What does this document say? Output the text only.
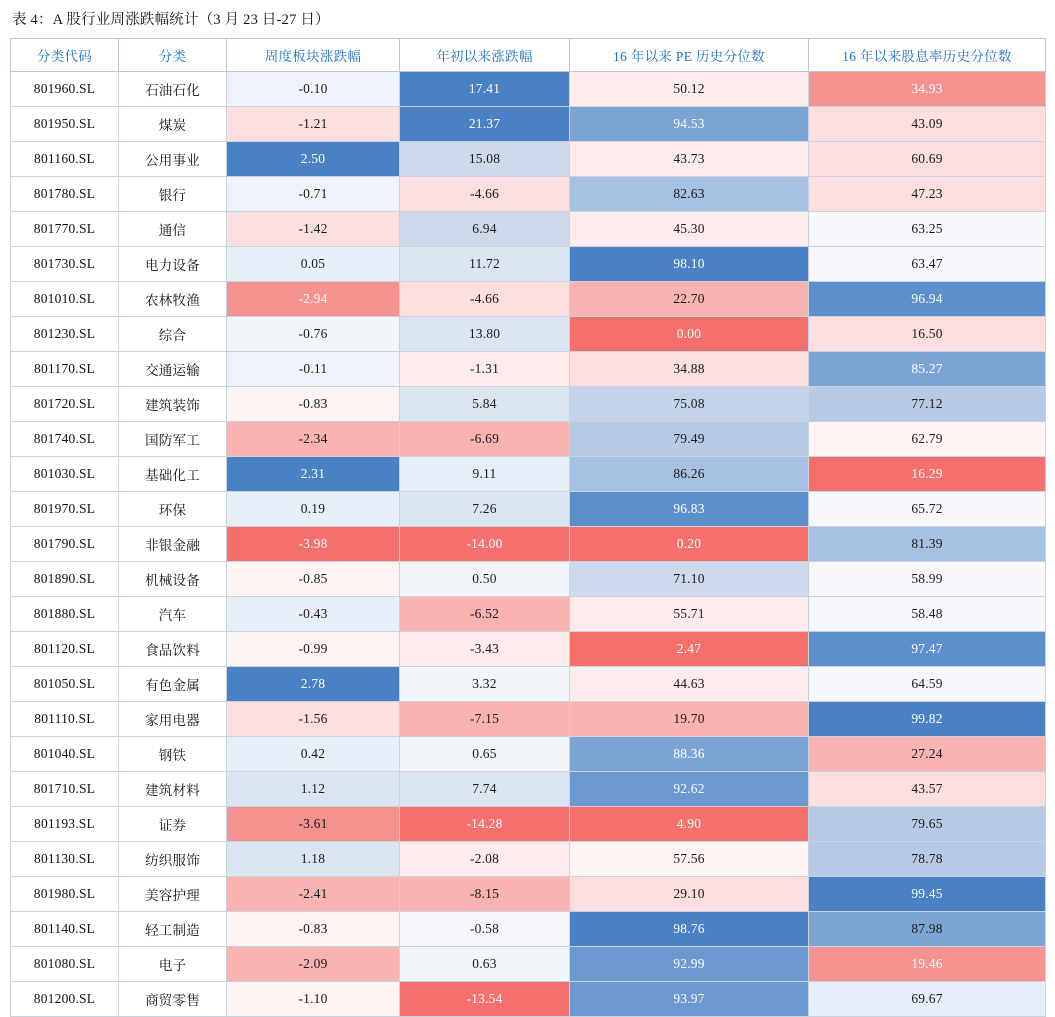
表 4：A 股行业周涨跌幅统计（3 月 23 日-27 日）
分类代码	分类	周度板块涨跌幅	年初以来涨跌幅	16 年以来 PE 历史分位数	16 年以来股息率历史分位数
801960.SL	石油石化	-0.10	17.41	50.12	34.93
801950.SL	煤炭	-1.21	21.37	94.53	43.09
801160.SL	公用事业	2.50	15.08	43.73	60.69
801780.SL	银行	-0.71	-4.66	82.63	47.23
801770.SL	通信	-1.42	6.94	45.30	63.25
801730.SL	电力设备	0.05	11.72	98.10	63.47
801010.SL	农林牧渔	-2.94	-4.66	22.70	96.94
801230.SL	综合	-0.76	13.80	0.00	16.50
801170.SL	交通运输	-0.11	-1.31	34.88	85.27
801720.SL	建筑装饰	-0.83	5.84	75.08	77.12
801740.SL	国防军工	-2.34	-6.69	79.49	62.79
801030.SL	基础化工	2.31	9.11	86.26	16.29
801970.SL	环保	0.19	7.26	96.83	65.72
801790.SL	非银金融	-3.98	-14.00	0.20	81.39
801890.SL	机械设备	-0.85	0.50	71.10	58.99
801880.SL	汽车	-0.43	-6.52	55.71	58.48
801120.SL	食品饮料	-0.99	-3.43	2.47	97.47
801050.SL	有色金属	2.78	3.32	44.63	64.59
801110.SL	家用电器	-1.56	-7.15	19.70	99.82
801040.SL	钢铁	0.42	0.65	88.36	27.24
801710.SL	建筑材料	1.12	7.74	92.62	43.57
801193.SL	证券	-3.61	-14.28	4.90	79.65
801130.SL	纺织服饰	1.18	-2.08	57.56	78.78
801980.SL	美容护理	-2.41	-8.15	29.10	99.45
801140.SL	轻工制造	-0.83	-0.58	98.76	87.98
801080.SL	电子	-2.09	0.63	92.99	19.46
801200.SL	商贸零售	-1.10	-13.54	93.97	69.67
